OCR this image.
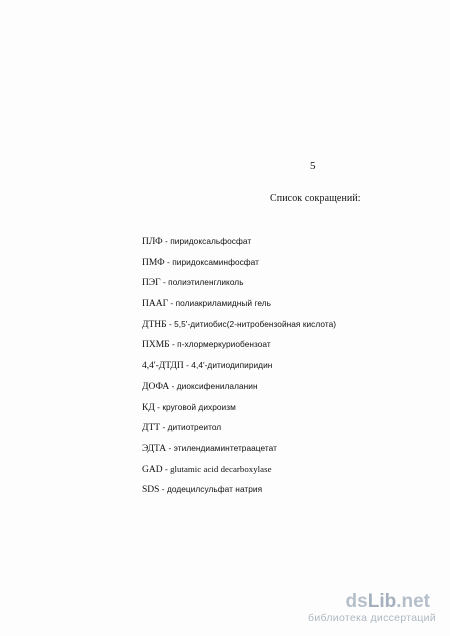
5
Список сокращений:
ПЛФ - пиридоксальфосфат
ПМФ - пиридоксаминфосфат
ПЭГ - полиэтиленгликоль
ПААГ - полиакриламидный гель
ДТНБ - 5,5'-дитиобис(2-нитробензойная кислота)
ПХМБ - п-хлормеркуриобензоат
4,4'-ДТДП - 4,4'-дитиодипиридин
ДОФА - диоксифенилаланин
КД - круговой дихроизм
ДТТ - дитиотреитол
ЭДТА - этилендиаминтетраацетат
GAD - glutamic acid decarboxylase
SDS - додецилсульфат натрия
ds Lib .net
библиотека диссертаций
